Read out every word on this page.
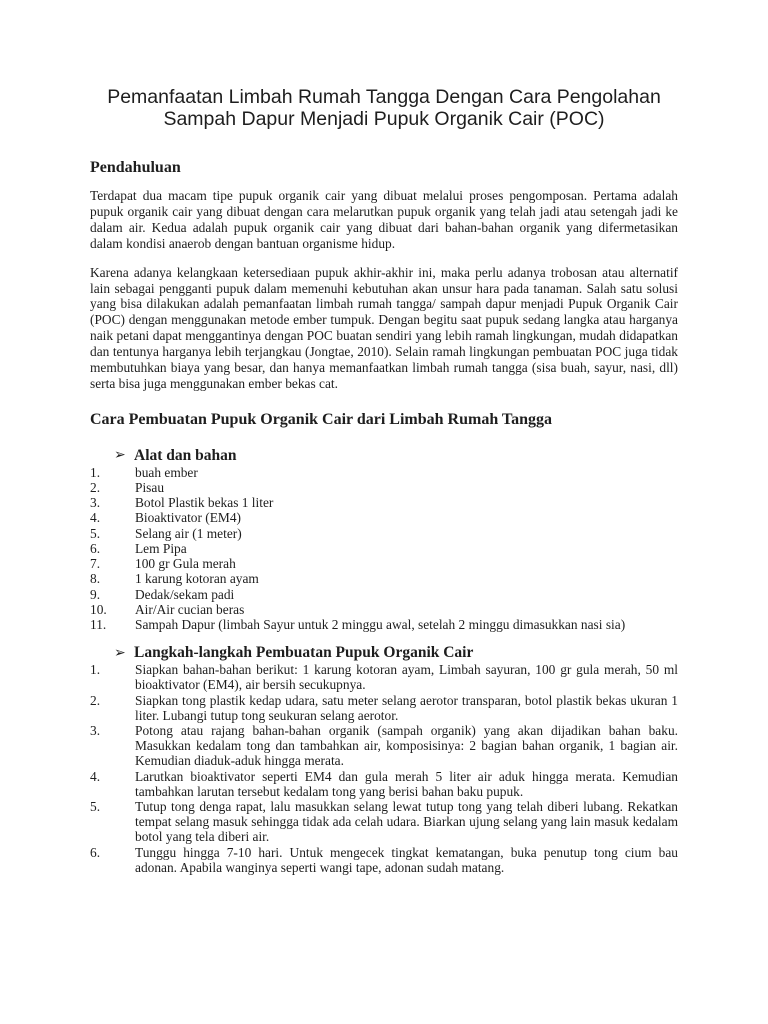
Pemanfaatan Limbah Rumah Tangga Dengan Cara Pengolahan Sampah Dapur Menjadi Pupuk Organik Cair (POC)
Pendahuluan

Terdapat dua macam tipe pupuk organik cair yang dibuat melalui proses pengomposan. Pertama adalah pupuk organik cair yang dibuat dengan cara melarutkan pupuk organik yang telah jadi atau setengah jadi ke dalam air. Kedua adalah pupuk organik cair yang dibuat dari bahan-bahan organik yang difermetasikan dalam kondisi anaerob dengan bantuan organisme hidup.

Karena adanya kelangkaan ketersediaan pupuk akhir-akhir ini, maka perlu adanya trobosan atau alternatif lain sebagai pengganti pupuk dalam memenuhi kebutuhan akan unsur hara pada tanaman. Salah satu solusi yang bisa dilakukan adalah pemanfaatan limbah rumah tangga/ sampah dapur menjadi Pupuk Organik Cair (POC) dengan menggunakan metode ember tumpuk. Dengan begitu saat pupuk sedang langka atau harganya naik petani dapat menggantinya dengan POC buatan sendiri yang lebih ramah lingkungan, mudah didapatkan dan tentunya harganya lebih terjangkau (Jongtae, 2010). Selain ramah lingkungan pembuatan POC juga tidak membutuhkan biaya yang besar, dan hanya memanfaatkan limbah rumah tangga (sisa buah, sayur, nasi, dll) serta bisa juga menggunakan ember bekas cat.

Cara Pembuatan Pupuk Organik Cair dari Limbah Rumah Tangga
➢ Alat dan bahan
1.	buah ember
2.	Pisau
3.	Botol Plastik bekas 1 liter
4.	Bioaktivator (EM4)
5.	Selang air (1 meter)
6.	Lem Pipa
7.	100 gr Gula merah
8.	1 karung kotoran ayam
9.	Dedak/sekam padi
10.	Air/Air cucian beras
11.	Sampah Dapur (limbah Sayur untuk 2 minggu awal, setelah 2 minggu dimasukkan nasi sia)
➢ Langkah-langkah Pembuatan Pupuk Organik Cair
1.	Siapkan bahan-bahan berikut: 1 karung kotoran ayam, Limbah sayuran, 100 gr gula merah, 50 ml bioaktivator (EM4), air bersih secukupnya.
2.	Siapkan tong plastik kedap udara, satu meter selang aerotor transparan, botol plastik bekas ukuran 1 liter. Lubangi tutup tong seukuran selang aerotor.
3.	Potong atau rajang bahan-bahan organik (sampah organik) yang akan dijadikan bahan baku. Masukkan kedalam tong dan tambahkan air, komposisinya: 2 bagian bahan organik, 1 bagian air. Kemudian diaduk-aduk hingga merata.
4.	Larutkan bioaktivator seperti EM4 dan gula merah 5 liter air aduk hingga merata. Kemudian tambahkan larutan tersebut kedalam tong yang berisi bahan baku pupuk.
5.	Tutup tong denga rapat, lalu masukkan selang lewat tutup tong yang telah diberi lubang. Rekatkan tempat selang masuk sehingga tidak ada celah udara. Biarkan ujung selang yang lain masuk kedalam botol yang tela diberi air.
6.	Tunggu hingga 7-10 hari. Untuk mengecek tingkat kematangan, buka penutup tong cium bau adonan. Apabila wanginya seperti wangi tape, adonan sudah matang.
